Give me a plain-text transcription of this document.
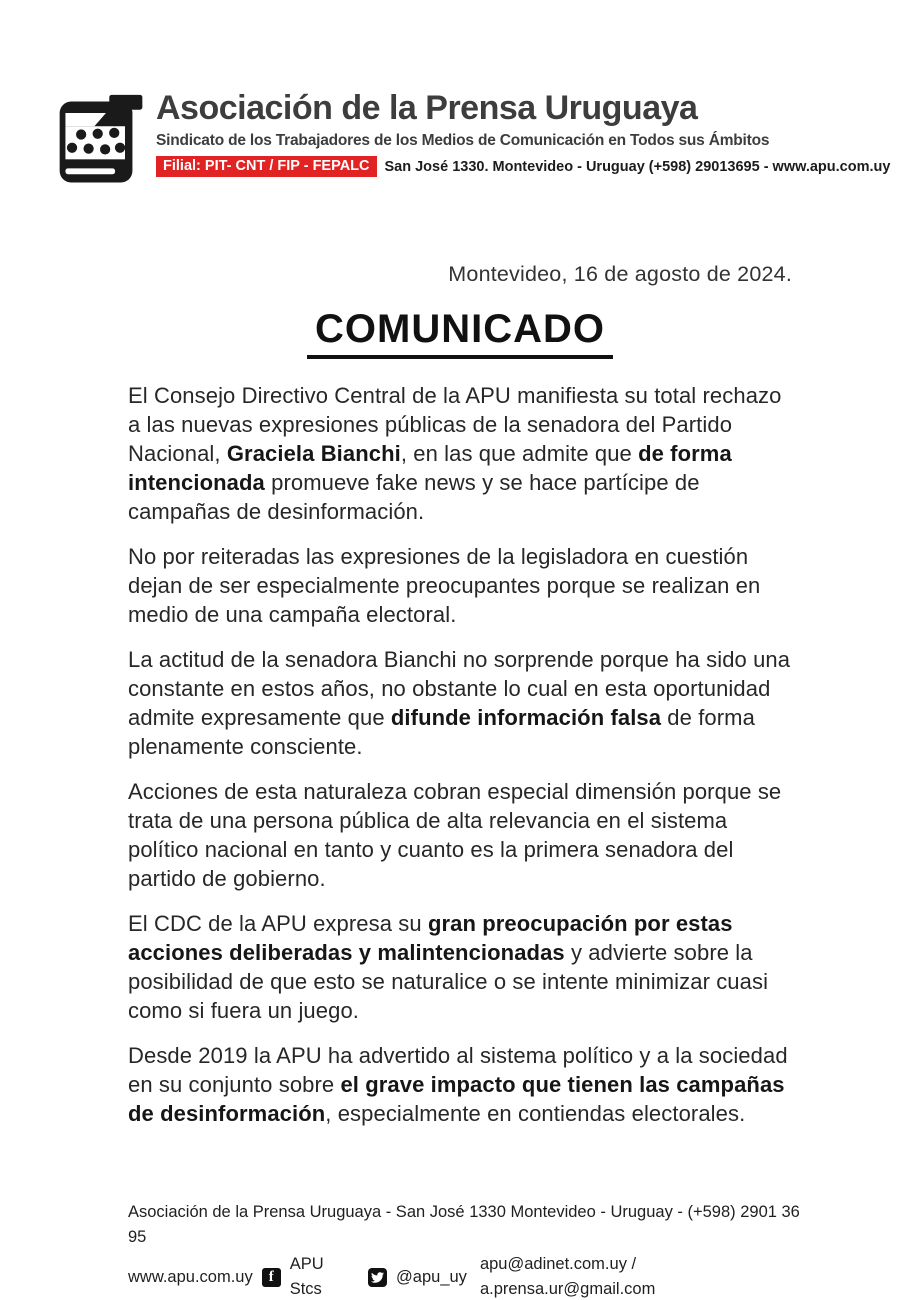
Asociación de la Prensa Uruguaya
Sindicato de los Trabajadores de los Medios de Comunicación en Todos sus Ámbitos
Filial: PIT- CNT / FIP - FEPALC	San José 1330. Montevideo - Uruguay (+598) 29013695 - www.apu.com.uy
Montevideo, 16 de agosto de 2024.
COMUNICADO

El Consejo Directivo Central de la APU manifiesta su total rechazo a las nuevas expresiones públicas de la senadora del Partido Nacional, Graciela Bianchi, en las que admite que de forma intencionada promueve fake news y se hace partícipe de campañas de desinformación.

No por reiteradas las expresiones de la legisladora en cuestión dejan de ser especialmente preocupantes porque se realizan en medio de una campaña electoral.

La actitud de la senadora Bianchi no sorprende porque ha sido una constante en estos años, no obstante lo cual en esta oportunidad admite expresamente que difunde información falsa de forma plenamente consciente.

Acciones de esta naturaleza cobran especial dimensión porque se trata de una persona pública de alta relevancia en el sistema político nacional en tanto y cuanto es la primera senadora del partido de gobierno.

El CDC de la APU expresa su gran preocupación por estas acciones deliberadas y malintencionadas y advierte sobre la posibilidad de que esto se naturalice o se intente minimizar cuasi como si fuera un juego.

Desde 2019 la APU ha advertido al sistema político y a la sociedad en su conjunto sobre el grave impacto que tienen las campañas de desinformación, especialmente en contiendas electorales.

Asociación de la Prensa Uruguaya - San José 1330 Montevideo - Uruguay - (+598) 2901 36 95
www.apu.com.uy	f
APU Stcs
@apu_uy
apu@adinet.com.uy / a.prensa.ur@gmail.com
